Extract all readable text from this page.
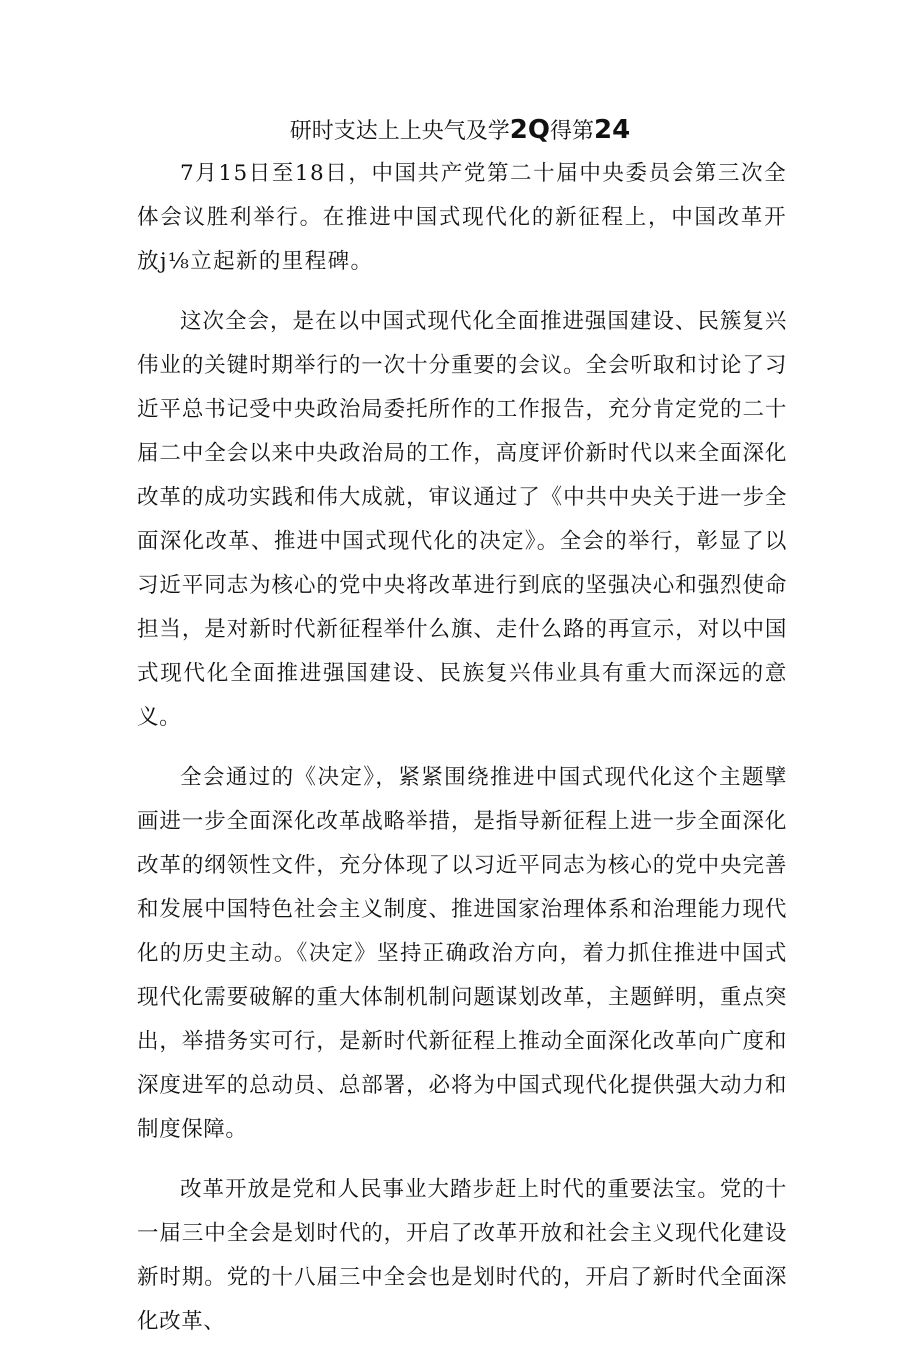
研时支达上上央气及学2Q得第24

7月15日至18日，中国共产党第二十届中央委员会第三次全体会议胜利举行。在推进中国式现代化的新征程上，中国改革开放j⅛立起新的里程碑。

这次全会，是在以中国式现代化全面推进强国建设、民簇复兴伟业的关键时期举行的一次十分重要的会议。全会听取和讨论了习近平总书记受中央政治局委托所作的工作报告，充分肯定党的二十届二中全会以来中央政治局的工作，高度评价新时代以来全面深化改革的成功实践和伟大成就，审议通过了《中共中央关于进一步全面深化改革、推进中国式现代化的决定》。全会的举行，彰显了以习近平同志为核心的党中央将改革进行到底的坚强决心和强烈使命担当，是对新时代新征程举什么旗、走什么路的再宣示，对以中国式现代化全面推进强国建设、民族复兴伟业具有重大而深远的意义。

全会通过的《决定》，紧紧围绕推进中国式现代化这个主题擘画进一步全面深化改革战略举措，是指导新征程上进一步全面深化改革的纲领性文件，充分体现了以习近平同志为核心的党中央完善和发展中国特色社会主义制度、推进国家治理体系和治理能力现代化的历史主动。《决定》坚持正确政治方向，着力抓住推进中国式现代化需要破解的重大体制机制问题谋划改革，主题鲜明，重点突出，举措务实可行，是新时代新征程上推动全面深化改革向广度和深度进军的总动员、总部署，必将为中国式现代化提供强大动力和制度保障。

改革开放是党和人民事业大踏步赶上时代的重要法宝。党的十一届三中全会是划时代的，开启了改革开放和社会主义现代化建设新时期。党的十八届三中全会也是划时代的，开启了新时代全面深化改革、
